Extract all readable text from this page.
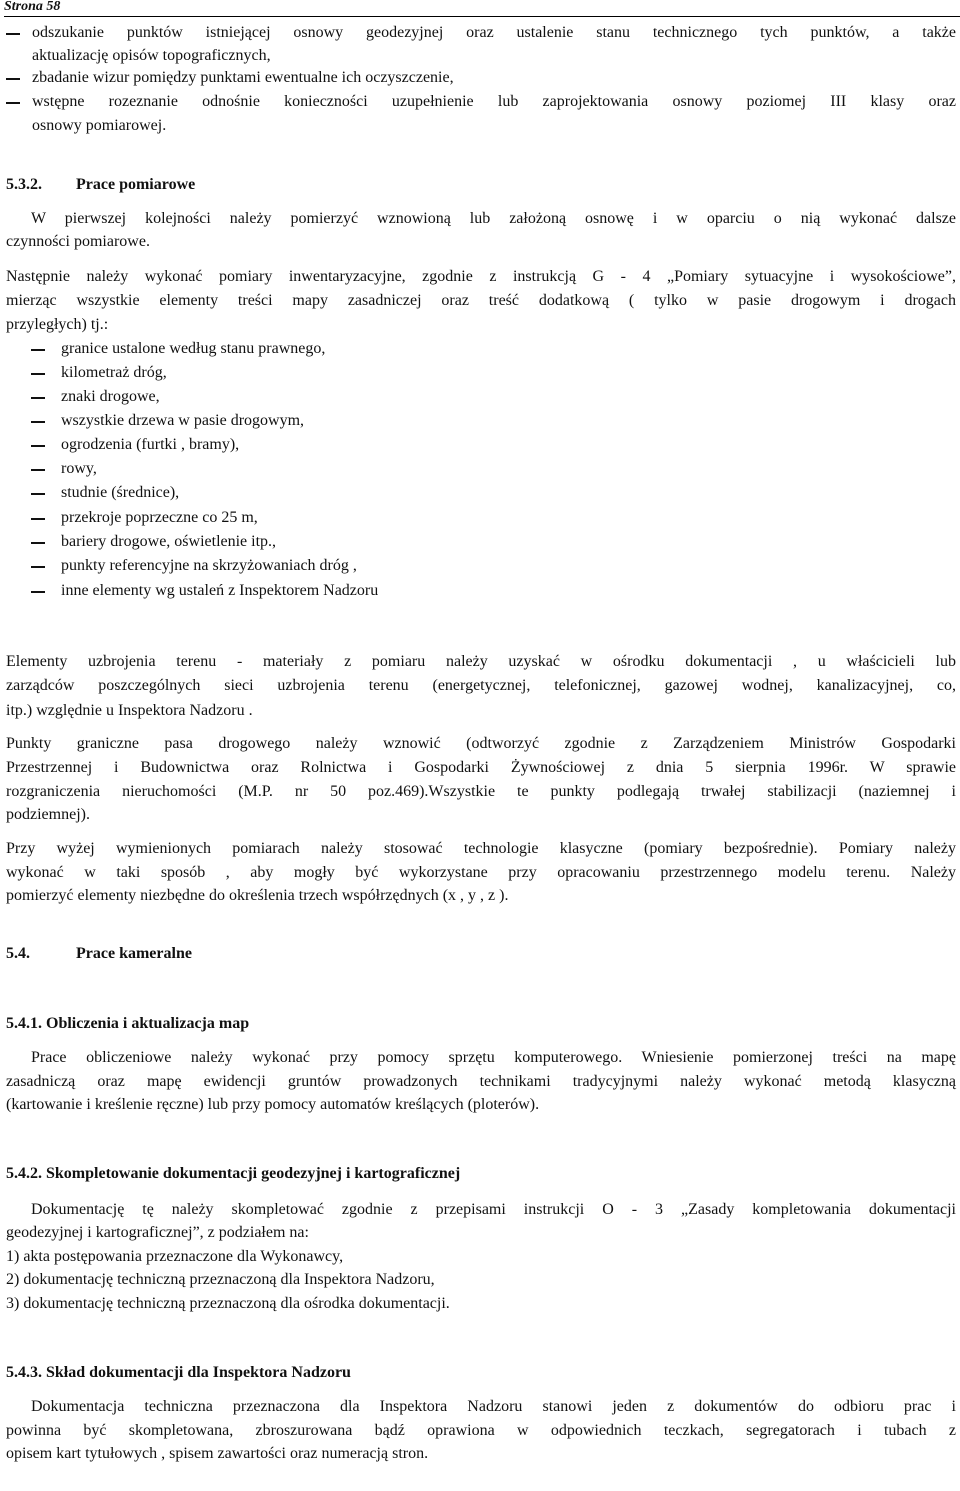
Strona 58
odszukanie punktów istniejącej osnowy geodezyjnej oraz ustalenie stanu technicznego tych punktów, a także
aktualizację opisów topograficznych,
zbadanie wizur pomiędzy punktami ewentualne ich oczyszczenie,
wstępne rozeznanie odnośnie konieczności uzupełnienie lub zaprojektowania osnowy poziomej III klasy oraz
osnowy pomiarowej.
5.3.2. Prace pomiarowe
W pierwszej kolejności należy pomierzyć wznowioną lub założoną osnowę i w oparciu o nią wykonać dalsze
czynności pomiarowe.
Następnie należy wykonać pomiary inwentaryzacyjne, zgodnie z instrukcją G - 4 „Pomiary sytuacyjne i wysokościowe”,
mierząc wszystkie elementy treści mapy zasadniczej oraz treść dodatkową ( tylko w pasie drogowym i drogach
przyległych) tj.:
granice ustalone według stanu prawnego,
kilometraż dróg,
znaki drogowe,
wszystkie drzewa w pasie drogowym,
ogrodzenia (furtki , bramy),
rowy,
studnie (średnice),
przekroje poprzeczne co 25 m,
bariery drogowe, oświetlenie itp.,
punkty referencyjne na skrzyżowaniach dróg ,
inne elementy wg ustaleń z Inspektorem Nadzoru
Elementy uzbrojenia terenu - materiały z pomiaru należy uzyskać w ośrodku dokumentacji , u właścicieli lub
zarządców poszczególnych sieci uzbrojenia terenu (energetycznej, telefonicznej, gazowej wodnej, kanalizacyjnej, co,
itp.) względnie u Inspektora Nadzoru .
Punkty graniczne pasa drogowego należy wznowić (odtworzyć zgodnie z Zarządzeniem Ministrów Gospodarki
Przestrzennej i Budownictwa oraz Rolnictwa i Gospodarki Żywnościowej z dnia 5 sierpnia 1996r. W sprawie
rozgraniczenia nieruchomości (M.P. nr 50 poz.469).Wszystkie te punkty podlegają trwałej stabilizacji (naziemnej i
podziemnej).
Przy wyżej wymienionych pomiarach należy stosować technologie klasyczne (pomiary bezpośrednie). Pomiary należy
wykonać w taki sposób , aby mogły być wykorzystane przy opracowaniu przestrzennego modelu terenu. Należy
pomierzyć elementy niezbędne do określenia trzech współrzędnych (x , y , z ).
5.4.	Prace kameralne
5.4.1. Obliczenia i aktualizacja map
Prace obliczeniowe należy wykonać przy pomocy sprzętu komputerowego. Wniesienie pomierzonej treści na mapę
zasadniczą oraz mapę ewidencji gruntów prowadzonych technikami tradycyjnymi należy wykonać metodą klasyczną
(kartowanie i kreślenie ręczne) lub przy pomocy automatów kreślących (ploterów).
5.4.2. Skompletowanie dokumentacji geodezyjnej i kartograficznej
Dokumentację tę należy skompletować zgodnie z przepisami instrukcji O - 3 „Zasady kompletowania dokumentacji
geodezyjnej i kartograficznej”, z podziałem na:
1) akta postępowania przeznaczone dla Wykonawcy,
2) dokumentację techniczną przeznaczoną dla Inspektora Nadzoru,
3) dokumentację techniczną przeznaczoną dla ośrodka dokumentacji.
5.4.3. Skład dokumentacji dla Inspektora Nadzoru
Dokumentacja techniczna przeznaczona dla Inspektora Nadzoru stanowi jeden z dokumentów do odbioru prac i
powinna być skompletowana, zbroszurowana bądź oprawiona w odpowiednich teczkach, segregatorach i tubach z
opisem kart tytułowych , spisem zawartości oraz numeracją stron.
